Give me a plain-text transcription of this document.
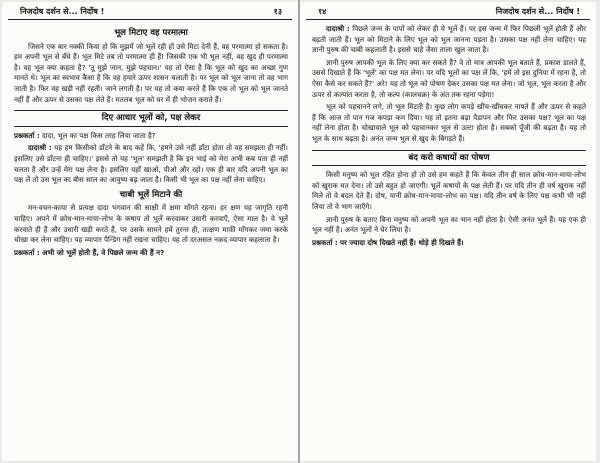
निजदोष दर्शन से... निर्दोष !	१३
भूल मिटाए वह परमात्मा

जिसने एक बार नक्की किया हो कि मुझमें जो भूलें रही हों उसे मिटा देनी हैं, वह परमात्मा हो सकता है। हम अपनी भूल से बँधे हैं। भूल मिटे तब तो परमात्मा ही हैं! जिसकी एक भी भूल नहीं, वह खुद ही परमात्मा है। वह भूल क्या कहता है? 'तू मुझे जान, मुझे पहचान।' यह तो ऐसा है कि भूल को खुद का अच्छा गुण मानते थे। भूल का स्वभाव कैसा है कि वह हमारे ऊपर शासन चलाती है। पर भूल को भूल जाना तो वह भाग जाती है। फिर वह खड़ी नहीं रहती। जाने लगती है। पर यह तो कया करते हैं कि एक तो भूल को भूल जानते नहीं हैं और ऊपर से उसका पक्ष लेते हैं। मतलब भूल को घर में ही भोजन कराते हैं।

दिए आधार भूलों को, पक्ष लेकर

प्रश्नकर्ता : दादा, भूल का पक्ष किस तरह लिया जाता है?

दादाश्री : यह हम किसीको डाँटने के बाद कहें कि, 'हमने उसे नहीं डाँटा होता तो वह समझता ही नहीं। इसलिए उसे डाँटना ही चाहिए।' इससे तो यह 'भूल' समझती है कि इन भाई को मेरा अभी कब पता ही नहीं चलता है और उन्हें मेरा पक्ष लेना है। इसलिए यहाँ खाओ, पीओ और रहो। एक ही बार यदि अपनी भूल का पक्ष लें तो उस भूल का बीस साल का आयुष्य बढ़ जाता है। किसी भी भूल का पक्ष नहीं लेना चाहिए।

चाबी भूलें मिटाने की

मन-वचन-काया से प्रत्यक्ष दादा भगवान की साक्षी में क्षमा माँगते रहना। हर क्षण यह जागृति रहनी चाहिए। अपने में क्रोध-मान-माया-लोभ के कषाय तो भूलें करवाकर उधारी करवाएँ, ऐसा माल है। वे भूलें करवाते ही हैं और उधारी खड़ी करते हैं, पर उसके सामने हमें तुरन्त ही, तत्क्षण माफ़ी माँगकर जमा करके चोखा कर लेना चाहिए। यह व्यापार पैन्डिंग नहीं रखना चाहिए। यह तो दरअसल नक़द व्यापार कहलाता है।

प्रश्नकर्ता : अभी जो भूलें होती हैं, वे पिछले जन्म की हैं न?

१४	निजदोष दर्शन से... निर्दोष !

दादाश्री : पिछले जन्म के पापों को लेकर ही ये भूलें हैं। पर इस जन्म में फिर पिछली भूलें होती हैं और बढ़ती जाती हैं। भूल को मिटाने के लिए भूल को भूल जानना पड़ता है। उसका पक्ष नहीं लेना चाहिए। यह ज्ञानी पुरुष की चाबी कहलाती है। इससे चाहे जैसा ताला खुल जाता है।

ज्ञानी पुरुष आपकी भूल के लिए क्या कर सकते हैं? वे तो मात्र आपकी भूल बताते हैं, प्रकाश डालते हैं, उससे दिखाते हैं कि 'भूलें' का पक्ष मत लेना। पर यदि भूलों का पक्ष लें कि, 'हमें तो इस दुनिया में रहना है, तो ऐसा कैसे कर सकते हैं?' अरे! यह तो भूल को पोषण देकर उसका पक्ष मत लेना। जो भूल, भूल करता है और ऊपर से कल्पांत करता है, तो कल्प (कालचक्र) के अंत तक रहना पड़ेगा!

भूल को पहचानने लगे, तो भूल मिटती है। कुछ लोग कपड़े खींच-खींचकर नापते हैं और ऊपर से कहते हैं कि आज तो पान गज कपड़ा कम दिया। यह तो इतना बढ़ा पैडापन और फिर उसका पक्ष? भूल का पक्ष नहीं लेना होता है। चोखावाले भूल को पहचानकर भूल से उल्टा होता है। सबको पूँजी की बढ़ता है। यह तो भूल के साथ बढ़ता है। अनंत जन्म भूल से खुद के बिगड़ते हैं।

बंद करो कषायों का पोषण

किसी मनुष्य को भूल रहित होना हो तो उसे हम कहते हैं कि केवल तीन ही साल क्रोध-मान-माया-लोभ को खुराक मत देना। तो उसे बहुत हो जाएगी। भूलें कषायों के पक्ष लेती हैं। पर यदि तीन ही वर्ष खुराक नहीं मिले तो वे बदल देते हैं। दोष, यानी क्रोध-मान-माया-लोभ का पक्ष। यदि तीन वर्ष के लिए पक्ष कभी भी नहीं लिया तो वे भाग जाएँगे।

ज्ञानी पुरुष के बताए बिना मनुष्य को अपनी भूल का भान नहीं होता है। ऐसी अनंत भूलें हैं। यह एक ही भूल नहीं है। अनंत भूलों ने घेर लिया है।

प्रश्नकर्ता : पर ज्यादा दोष दिखते नहीं हैं। थोड़े ही दिखते हैं।
